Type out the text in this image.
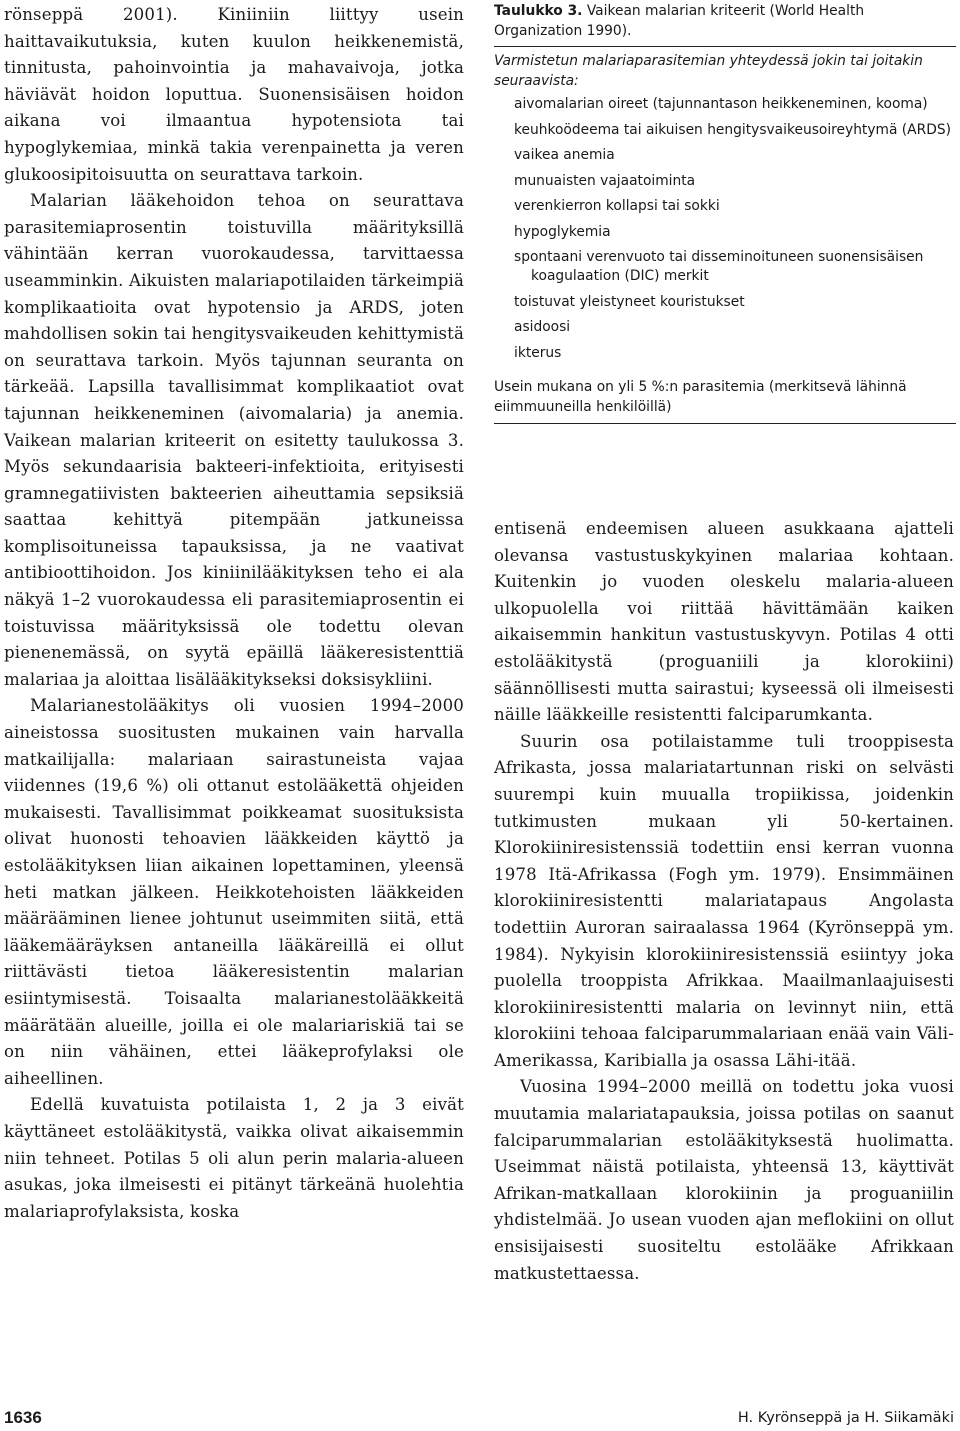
rönseppä 2001). Kiniiniin liittyy usein haittavaikutuksia, kuten kuulon heikkenemistä, tinnitusta, pahoinvointia ja mahavaivoja, jotka häviävät hoidon loputtua. Suonensisäisen hoidon aikana voi ilmaantua hypotensiota tai hypoglykemiaa, minkä takia verenpainetta ja veren glukoosipitoisuutta on seurattava tarkoin.

Malarian lääkehoidon tehoa on seurattava parasitemiaprosentin toistuvilla määrityksillä vähintään kerran vuorokaudessa, tarvittaessa useamminkin. Aikuisten malariapotilaiden tärkeimpiä komplikaatioita ovat hypotensio ja ARDS, joten mahdollisen sokin tai hengitysvaikeuden kehittymistä on seurattava tarkoin. Myös tajunnan seuranta on tärkeää. Lapsilla tavallisimmat komplikaatiot ovat tajunnan heikkeneminen (aivomalaria) ja anemia. Vaikean malarian kriteerit on esitetty taulukossa 3. Myös sekundaarisia bakteeri-infektioita, erityisesti gramnegatiivisten bakteerien aiheuttamia sepsiksiä saattaa kehittyä pitempään jatkuneissa komplisoituneissa tapauksissa, ja ne vaativat antibioottihoidon. Jos kiniinilääkityksen teho ei ala näkyä 1–2 vuorokaudessa eli parasitemiaprosentin ei toistuvissa määrityksissä ole todettu olevan pienenemässä, on syytä epäillä lääkeresistenttiä malariaa ja aloittaa lisälääkitykseksi doksisykliini.

Malarianestolääkitys oli vuosien 1994–2000 aineistossa suositusten mukainen vain harvalla matkailijalla: malariaan sairastuneista vajaa viidennes (19,6 %) oli ottanut estolääkettä ohjeiden mukaisesti. Tavallisimmat poikkeamat suosituksista olivat huonosti tehoavien lääkkeiden käyttö ja estolääkityksen liian aikainen lopettaminen, yleensä heti matkan jälkeen. Heikkotehoisten lääkkeiden määrääminen lienee johtunut useimmiten siitä, että lääkemääräyksen antaneilla lääkäreillä ei ollut riittävästi tietoa lääkeresistentin malarian esiintymisestä. Toisaalta malarianestolääkkeitä määrätään alueille, joilla ei ole malariariskiä tai se on niin vähäinen, ettei lääkeprofylaksi ole aiheellinen.

Edellä kuvatuista potilaista 1, 2 ja 3 eivät käyttäneet estolääkitystä, vaikka olivat aikaisemmin niin tehneet. Potilas 5 oli alun perin malaria-alueen asukas, joka ilmeisesti ei pitänyt tärkeänä huolehtia malariaprofylaksista, koska

Taulukko 3. Vaikean malarian kriteerit (World Health Organization 1990).
Varmistetun malariaparasitemian yhteydessä jokin tai joitakin seuraavista:
aivomalarian oireet (tajunnantason heikkeneminen, kooma)
keuhkoödeema tai aikuisen hengitysvaikeusoireyhtymä (ARDS)
vaikea anemia
munuaisten vajaatoiminta
verenkierron kollapsi tai sokki
hypoglykemia
spontaani verenvuoto tai disseminoituneen suonensisäisen koagulaation (DIC) merkit
toistuvat yleistyneet kouristukset
asidoosi
ikterus
Usein mukana on yli 5 %:n parasitemia (merkitsevä lähinnä eiimmuuneilla henkilöillä)

entisenä endeemisen alueen asukkaana ajatteli olevansa vastustuskykyinen malariaa kohtaan. Kuitenkin jo vuoden oleskelu malaria-alueen ulkopuolella voi riittää hävittämään kaiken aikaisemmin hankitun vastustuskyvyn. Potilas 4 otti estolääkitystä (proguaniili ja klorokiini) säännöllisesti mutta sairastui; kyseessä oli ilmeisesti näille lääkkeille resistentti falciparumkanta.

Suurin osa potilaistamme tuli trooppisesta Afrikasta, jossa malariatartunnan riski on selvästi suurempi kuin muualla tropiikissa, joidenkin tutkimusten mukaan yli 50-kertainen. Klorokiiniresistenssiä todettiin ensi kerran vuonna 1978 Itä-Afrikassa (Fogh ym. 1979). Ensimmäinen klorokiiniresistentti malariatapaus Angolasta todettiin Auroran sairaalassa 1964 (Kyrönseppä ym. 1984). Nykyisin klorokiiniresistenssiä esiintyy joka puolella trooppista Afrikkaa. Maailmanlaajuisesti klorokiiniresistentti malaria on levinnyt niin, että klorokiini tehoaa falciparummalariaan enää vain Väli-Amerikassa, Karibialla ja osassa Lähi-itää.

Vuosina 1994–2000 meillä on todettu joka vuosi muutamia malariatapauksia, joissa potilas on saanut falciparummalarian estolääkityksestä huolimatta. Useimmat näistä potilaista, yhteensä 13, käyttivät Afrikan-matkallaan klorokiinin ja proguaniilin yhdistelmää. Jo usean vuoden ajan meflokiini on ollut ensisijaisesti suositeltu estolääke Afrikkaan matkustettaessa.

1636	H. Kyrönseppä ja H. Siikamäki
